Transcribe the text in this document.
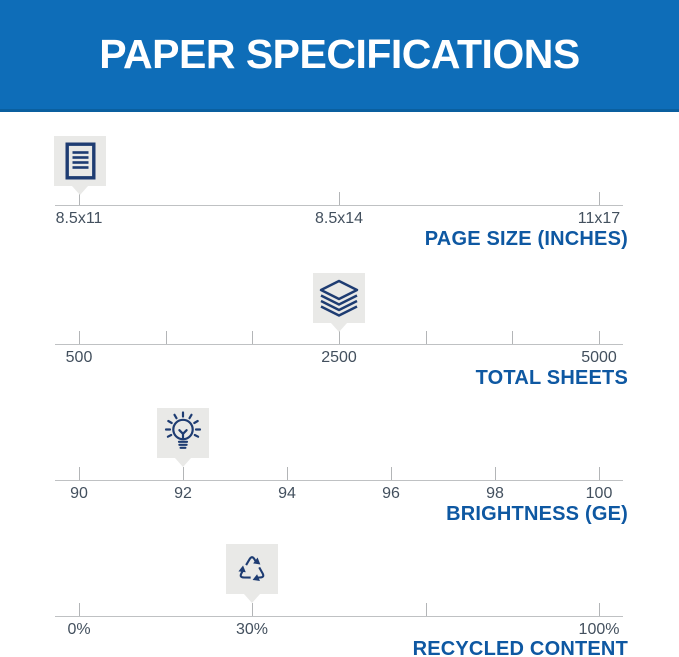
PAPER SPECIFICATIONS
8.5x11	8.5x14	11x17
PAGE SIZE (INCHES)
500	2500	5000
TOTAL SHEETS
90	92	94	96	98	100
BRIGHTNESS (GE)
0%	30%	100%
RECYCLED CONTENT
